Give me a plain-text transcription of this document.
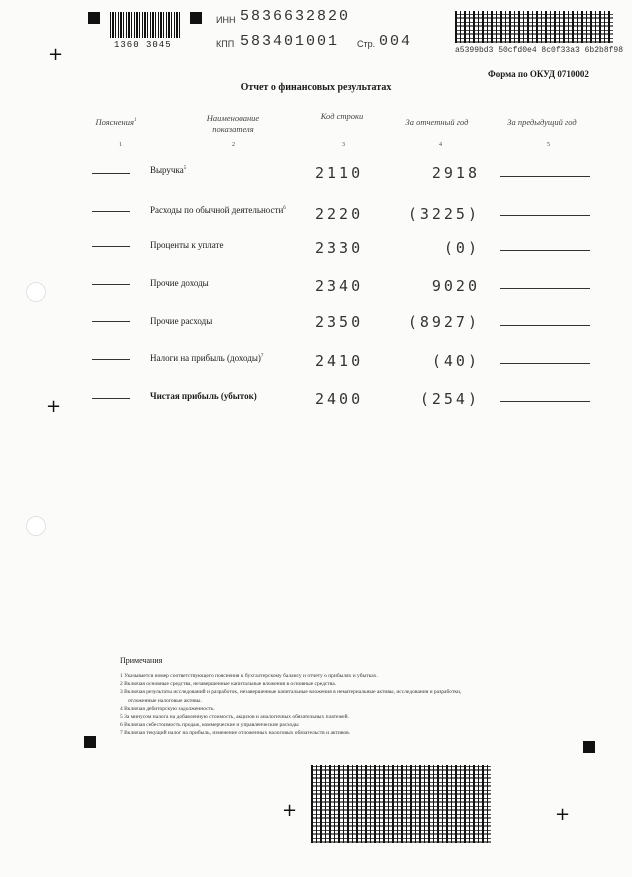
+
+
+	+
1360 3045
ИНН 5836632820
КПП 583401001 Стр. 004
a5399bd3 50cfd0e4 8c0f33a3 6b2b8f98
Форма по ОКУД 0710002
Отчет о финансовых результатах
Пояснения$^1$	Наименование показателя
Код строки
За отчетный год	За предыдущий год
1	2	3	4	5
Выручка$^5$	2110	2918
Расходы по обычной деятельности$^6$ 2220	(3225)
Проценты к уплате	2330	(0)
Прочие доходы	2340	9020
Прочие расходы	2350	(8927)
Налоги на прибыль (доходы)$^7$	2410	(40)
Чистая прибыль (убыток)	2400	(254)
Примечания
1 Указывается номер соответствующего пояснения к бухгалтерскому балансу и отчету о прибылях и убытках.
2 Включая основные средства, незавершенные капитальные вложения в основные средства.
3 Включая результаты исследований и разработок, незавершенные капитальные вложения в нематериальные активы, исследования и разработки,
отложенные налоговые активы.
4 Включая дебиторскую задолженность.
5 За минусом налога на добавленную стоимость, акцизов и аналогичных обязательных платежей.
6 Включая себестоимость продаж, коммерческие и управленческие расходы
7 Включая текущий налог на прибыль, изменение отложенных налоговых обязательств и активов.
